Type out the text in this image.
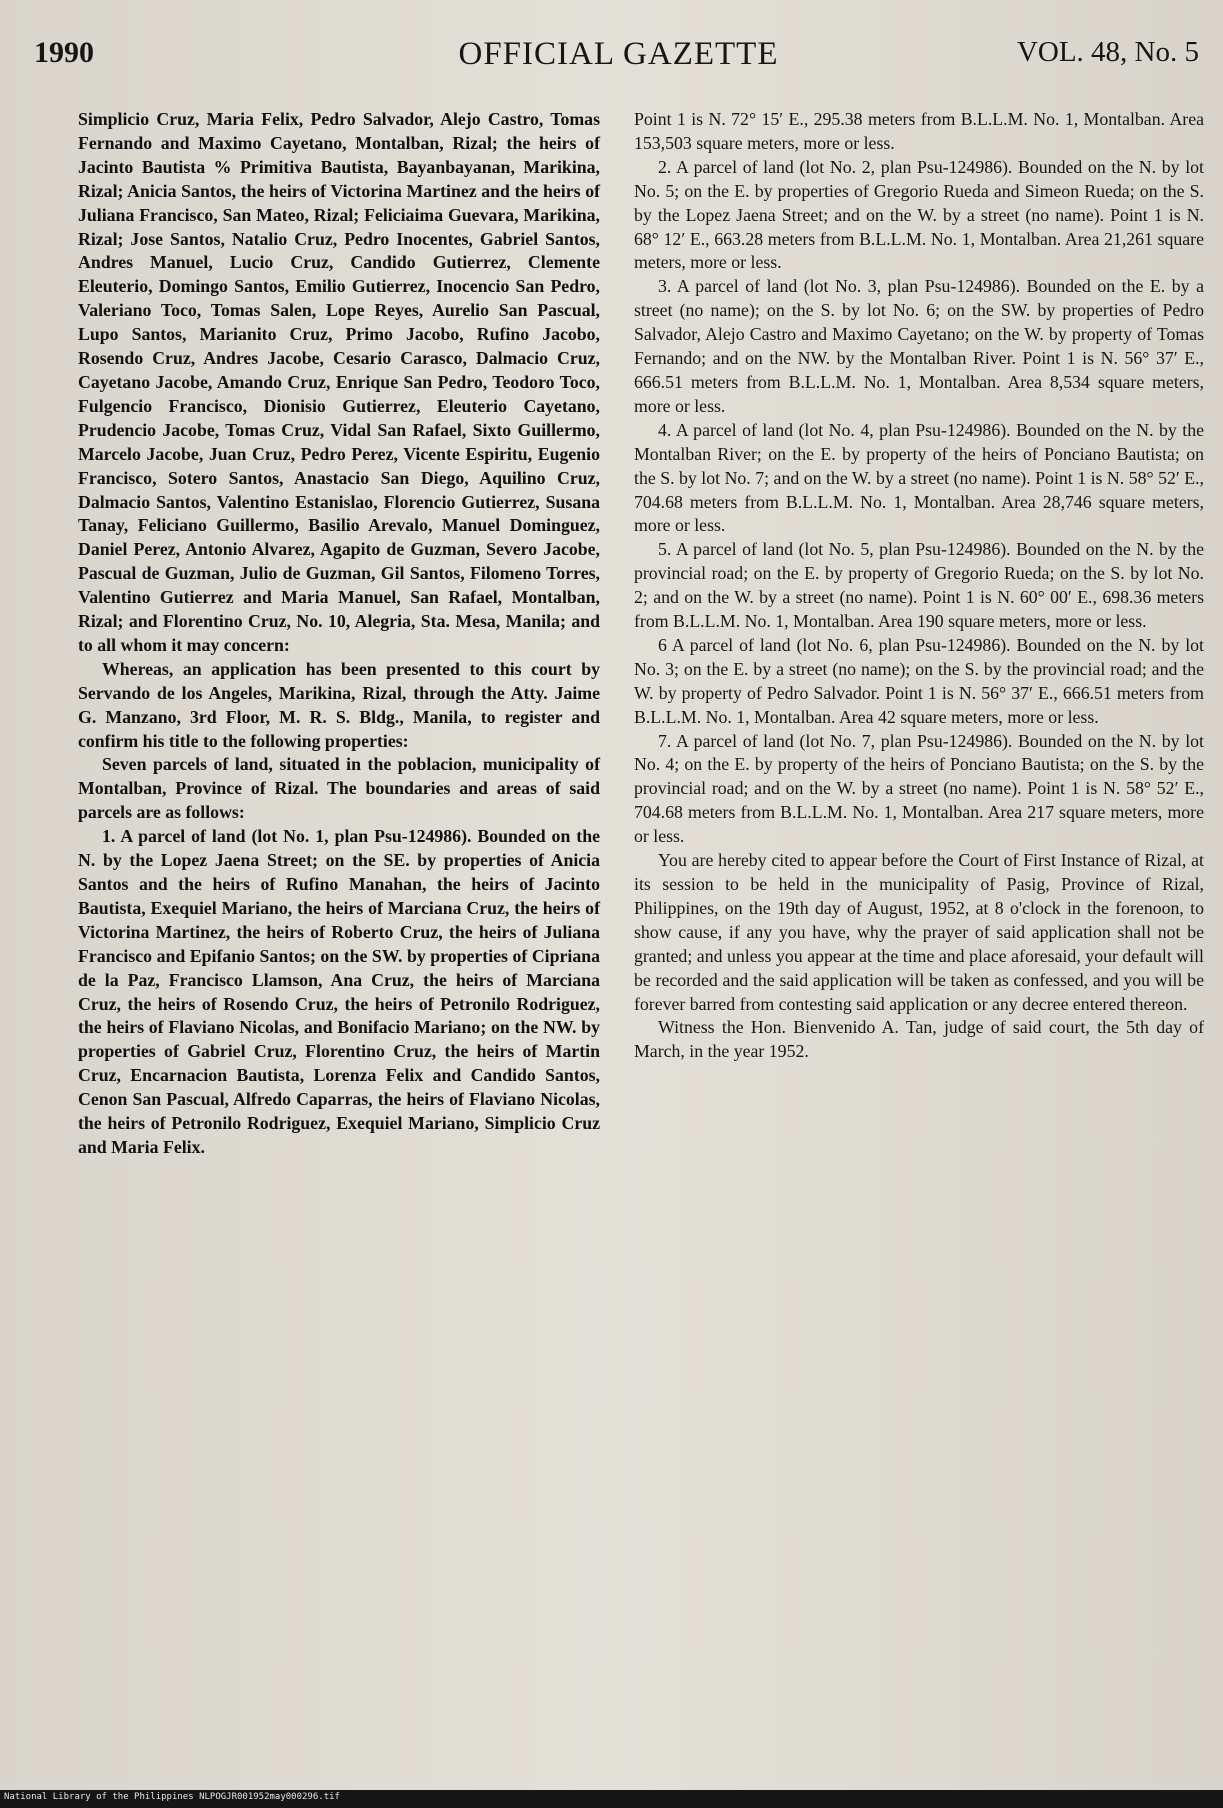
1990	OFFICIAL GAZETTE	VOL. 48, No. 5

Simplicio Cruz, Maria Felix, Pedro Salvador, Alejo Castro, Tomas Fernando and Maximo Cayetano, Montalban, Rizal; the heirs of Jacinto Bautista % Primitiva Bautista, Bayanbayanan, Marikina, Rizal; Anicia Santos, the heirs of Victorina Martinez and the heirs of Juliana Francisco, San Mateo, Rizal; Feliciaima Guevara, Marikina, Rizal; Jose Santos, Natalio Cruz, Pedro Inocentes, Gabriel Santos, Andres Manuel, Lucio Cruz, Candido Gutierrez, Clemente Eleuterio, Domingo Santos, Emilio Gutierrez, Inocencio San Pedro, Valeriano Toco, Tomas Salen, Lope Reyes, Aurelio San Pascual, Lupo Santos, Marianito Cruz, Primo Jacobo, Rufino Jacobo, Rosendo Cruz, Andres Jacobe, Cesario Carasco, Dalmacio Cruz, Cayetano Jacobe, Amando Cruz, Enrique San Pedro, Teodoro Toco, Fulgencio Francisco, Dionisio Gutierrez, Eleuterio Cayetano, Prudencio Jacobe, Tomas Cruz, Vidal San Rafael, Sixto Guillermo, Marcelo Jacobe, Juan Cruz, Pedro Perez, Vicente Espiritu, Eugenio Francisco, Sotero Santos, Anastacio San Diego, Aquilino Cruz, Dalmacio Santos, Valentino Estanislao, Florencio Gutierrez, Susana Tanay, Feliciano Guillermo, Basilio Arevalo, Manuel Dominguez, Daniel Perez, Antonio Alvarez, Agapito de Guzman, Severo Jacobe, Pascual de Guzman, Julio de Guzman, Gil Santos, Filomeno Torres, Valentino Gutierrez and Maria Manuel, San Rafael, Montalban, Rizal; and Florentino Cruz, No. 10, Alegria, Sta. Mesa, Manila; and to all whom it may concern:

Whereas, an application has been presented to this court by Servando de los Angeles, Marikina, Rizal, through the Atty. Jaime G. Manzano, 3rd Floor, M. R. S. Bldg., Manila, to register and confirm his title to the following properties:

Seven parcels of land, situated in the poblacion, municipality of Montalban, Province of Rizal. The boundaries and areas of said parcels are as follows:

1. A parcel of land (lot No. 1, plan Psu-124986). Bounded on the N. by the Lopez Jaena Street; on the SE. by properties of Anicia Santos and the heirs of Rufino Manahan, the heirs of Jacinto Bautista, Exequiel Mariano, the heirs of Marciana Cruz, the heirs of Victorina Martinez, the heirs of Roberto Cruz, the heirs of Juliana Francisco and Epifanio Santos; on the SW. by properties of Cipriana de la Paz, Francisco Llamson, Ana Cruz, the heirs of Marciana Cruz, the heirs of Rosendo Cruz, the heirs of Petronilo Rodriguez, the heirs of Flaviano Nicolas, and Bonifacio Mariano; on the NW. by properties of Gabriel Cruz, Florentino Cruz, the heirs of Martin Cruz, Encarnacion Bautista, Lorenza Felix and Candido Santos, Cenon San Pascual, Alfredo Caparras, the heirs of Flaviano Nicolas, the heirs of Petronilo Rodriguez, Exequiel Mariano, Simplicio Cruz and Maria Felix.

Point 1 is N. 72° 15′ E., 295.38 meters from B.L.L.M. No. 1, Montalban. Area 153,503 square meters, more or less.

2. A parcel of land (lot No. 2, plan Psu-124986). Bounded on the N. by lot No. 5; on the E. by properties of Gregorio Rueda and Simeon Rueda; on the S. by the Lopez Jaena Street; and on the W. by a street (no name). Point 1 is N. 68° 12′ E., 663.28 meters from B.L.L.M. No. 1, Montalban. Area 21,261 square meters, more or less.

3. A parcel of land (lot No. 3, plan Psu-124986). Bounded on the E. by a street (no name); on the S. by lot No. 6; on the SW. by properties of Pedro Salvador, Alejo Castro and Maximo Cayetano; on the W. by property of Tomas Fernando; and on the NW. by the Montalban River. Point 1 is N. 56° 37′ E., 666.51 meters from B.L.L.M. No. 1, Montalban. Area 8,534 square meters, more or less.

4. A parcel of land (lot No. 4, plan Psu-124986). Bounded on the N. by the Montalban River; on the E. by property of the heirs of Ponciano Bautista; on the S. by lot No. 7; and on the W. by a street (no name). Point 1 is N. 58° 52′ E., 704.68 meters from B.L.L.M. No. 1, Montalban. Area 28,746 square meters, more or less.

5. A parcel of land (lot No. 5, plan Psu-124986). Bounded on the N. by the provincial road; on the E. by property of Gregorio Rueda; on the S. by lot No. 2; and on the W. by a street (no name). Point 1 is N. 60° 00′ E., 698.36 meters from B.L.L.M. No. 1, Montalban. Area 190 square meters, more or less.

6 A parcel of land (lot No. 6, plan Psu-124986). Bounded on the N. by lot No. 3; on the E. by a street (no name); on the S. by the provincial road; and the W. by property of Pedro Salvador. Point 1 is N. 56° 37′ E., 666.51 meters from B.L.L.M. No. 1, Montalban. Area 42 square meters, more or less.

7. A parcel of land (lot No. 7, plan Psu-124986). Bounded on the N. by lot No. 4; on the E. by property of the heirs of Ponciano Bautista; on the S. by the provincial road; and on the W. by a street (no name). Point 1 is N. 58° 52′ E., 704.68 meters from B.L.L.M. No. 1, Montalban. Area 217 square meters, more or less.

You are hereby cited to appear before the Court of First Instance of Rizal, at its session to be held in the municipality of Pasig, Province of Rizal, Philippines, on the 19th day of August, 1952, at 8 o'clock in the forenoon, to show cause, if any you have, why the prayer of said application shall not be granted; and unless you appear at the time and place aforesaid, your default will be recorded and the said application will be taken as confessed, and you will be forever barred from contesting said application or any decree entered thereon.

Witness the Hon. Bienvenido A. Tan, judge of said court, the 5th day of March, in the year 1952.

National Library of the Philippines NLPOGJR001952may000296.tif
